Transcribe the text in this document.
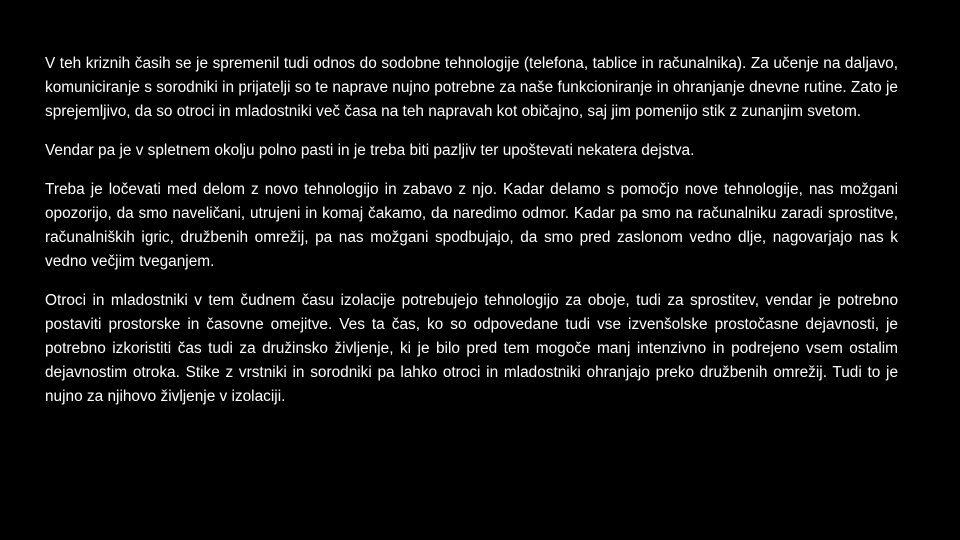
V teh kriznih časih se je spremenil tudi odnos do sodobne tehnologije (telefona, tablice in računalnika). Za učenje na daljavo, komuniciranje s sorodniki in prijatelji so te naprave nujno potrebne za naše funkcioniranje in ohranjanje dnevne rutine. Zato je sprejemljivo, da so otroci in mladostniki več časa na teh napravah kot običajno, saj jim pomenijo stik z zunanjim svetom.

Vendar pa je v spletnem okolju polno pasti in je treba biti pazljiv ter upoštevati nekatera dejstva.

Treba je ločevati med delom z novo tehnologijo in zabavo z njo. Kadar delamo s pomočjo nove tehnologije, nas možgani opozorijo, da smo naveličani, utrujeni in komaj čakamo, da naredimo odmor. Kadar pa smo na računalniku zaradi sprostitve, računalniških igric, družbenih omrežij, pa nas možgani spodbujajo, da smo pred zaslonom vedno dlje, nagovarjajo nas k vedno večjim tveganjem.

Otroci in mladostniki v tem čudnem času izolacije potrebujejo tehnologijo za oboje, tudi za sprostitev, vendar je potrebno postaviti prostorske in časovne omejitve. Ves ta čas, ko so odpovedane tudi vse izvenšolske prostočasne dejavnosti, je potrebno izkoristiti čas tudi za družinsko življenje, ki je bilo pred tem mogoče manj intenzivno in podrejeno vsem ostalim dejavnostim otroka. Stike z vrstniki in sorodniki pa lahko otroci in mladostniki ohranjajo preko družbenih omrežij. Tudi to je nujno za njihovo življenje v izolaciji.
